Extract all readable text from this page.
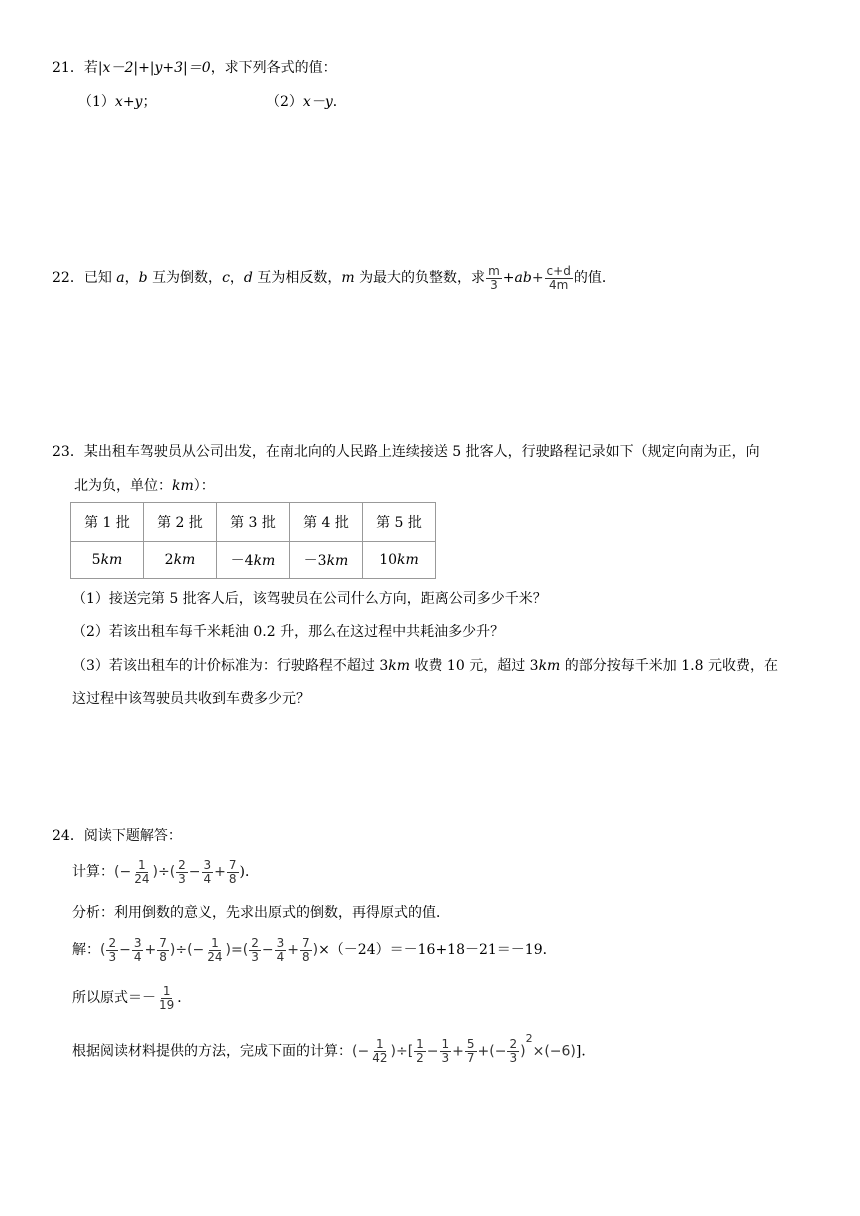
21．若|x－2|+|y+3|＝0，求下列各式的值：
（1）x+y；	（2）x－y．
22．已知 a，b 互为倒数，c，d 互为相反数，m 为最大的负整数，求 $\frac{m}{3} +ab+ \frac{c+d}{4m}$ 的值．
23．某出租车驾驶员从公司出发，在南北向的人民路上连续接送 5 批客人，行驶路程记录如下（规定向南为正，向
北为负，单位：km）：
第 1 批	第 2 批	第 3 批	第 4 批	第 5 批
5km	2km	－4km	－3km	10km
（1）接送完第 5 批客人后，该驾驶员在公司什么方向，距离公司多少千米？
（2）若该出租车每千米耗油 0.2 升，那么在这过程中共耗油多少升？
（3）若该出租车的计价标准为：行驶路程不超过 3km 收费 10 元，超过 3km 的部分按每千米加 1.8 元收费，在
这过程中该驾驶员共收到车费多少元？
24．阅读下题解答：
计算：(− $\frac{1}{24}$ )÷( $\frac{2}{3} - \frac{3}{4} + \frac{7}{8}$ )．
分析：利用倒数的意义，先求出原式的倒数，再得原式的值．
解：( $\frac{2}{3} - \frac{3}{4} + \frac{7}{8}$ )÷(− $\frac{1}{24}$ )=( $\frac{2}{3} - \frac{3}{4} + \frac{7}{8} )\times(-24)=-16+18-21=-19$．
所以原式＝－ $\frac{1}{19}$ ．
根据阅读材料提供的方法，完成下面的计算：(− $\frac{1}{42}$ )÷[ $\frac{1}{2} - \frac{1}{3} + \frac{5}{7}$ +(− $\frac{2}{3} )^2\times(-6)$]．
